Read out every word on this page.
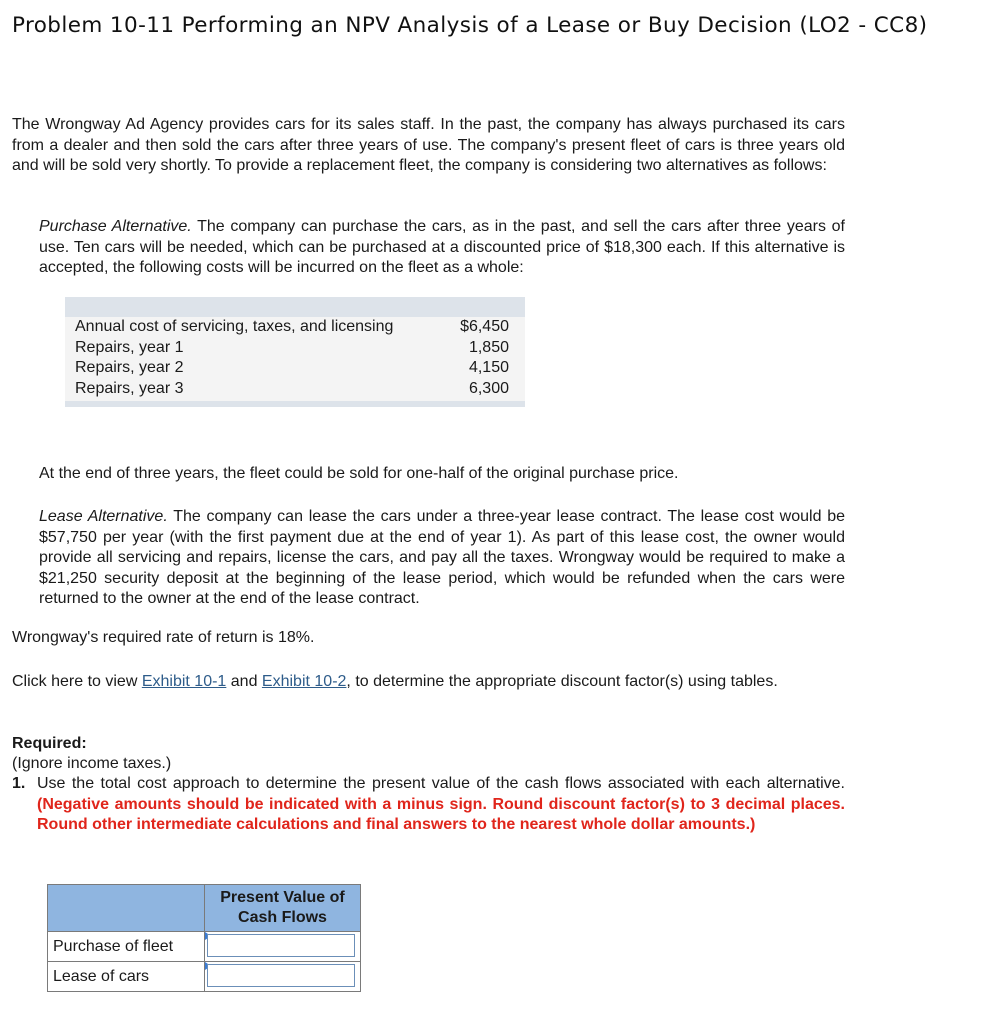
Problem 10-11 Performing an NPV Analysis of a Lease or Buy Decision (LO2 - CC8)

The Wrongway Ad Agency provides cars for its sales staff. In the past, the company has always purchased its cars from a dealer and then sold the cars after three years of use. The company's present fleet of cars is three years old and will be sold very shortly. To provide a replacement fleet, the company is considering two alternatives as follows:

Purchase Alternative. The company can purchase the cars, as in the past, and sell the cars after three years of use. Ten cars will be needed, which can be purchased at a discounted price of $18,300 each. If this alternative is accepted, the following costs will be incurred on the fleet as a whole:

Annual cost of servicing, taxes, and licensing	$6,450
Repairs, year 1	1,850
Repairs, year 2	4,150
Repairs, year 3	6,300

At the end of three years, the fleet could be sold for one-half of the original purchase price.

Lease Alternative. The company can lease the cars under a three-year lease contract. The lease cost would be $57,750 per year (with the first payment due at the end of year 1). As part of this lease cost, the owner would provide all servicing and repairs, license the cars, and pay all the taxes. Wrongway would be required to make a $21,250 security deposit at the beginning of the lease period, which would be refunded when the cars were returned to the owner at the end of the lease contract.

Wrongway's required rate of return is 18%.

Click here to view Exhibit 10-1 and Exhibit 10-2, to determine the appropriate discount factor(s) using tables.

Required:
(Ignore income taxes.)
1. Use the total cost approach to determine the present value of the cash flows associated with each alternative. (Negative amounts should be indicated with a minus sign. Round discount factor(s) to 3 decimal places. Round other intermediate calculations and final answers to the nearest whole dollar amounts.)
	Present Value of
Cash Flows
Purchase of fleet	

Lease of cars	
